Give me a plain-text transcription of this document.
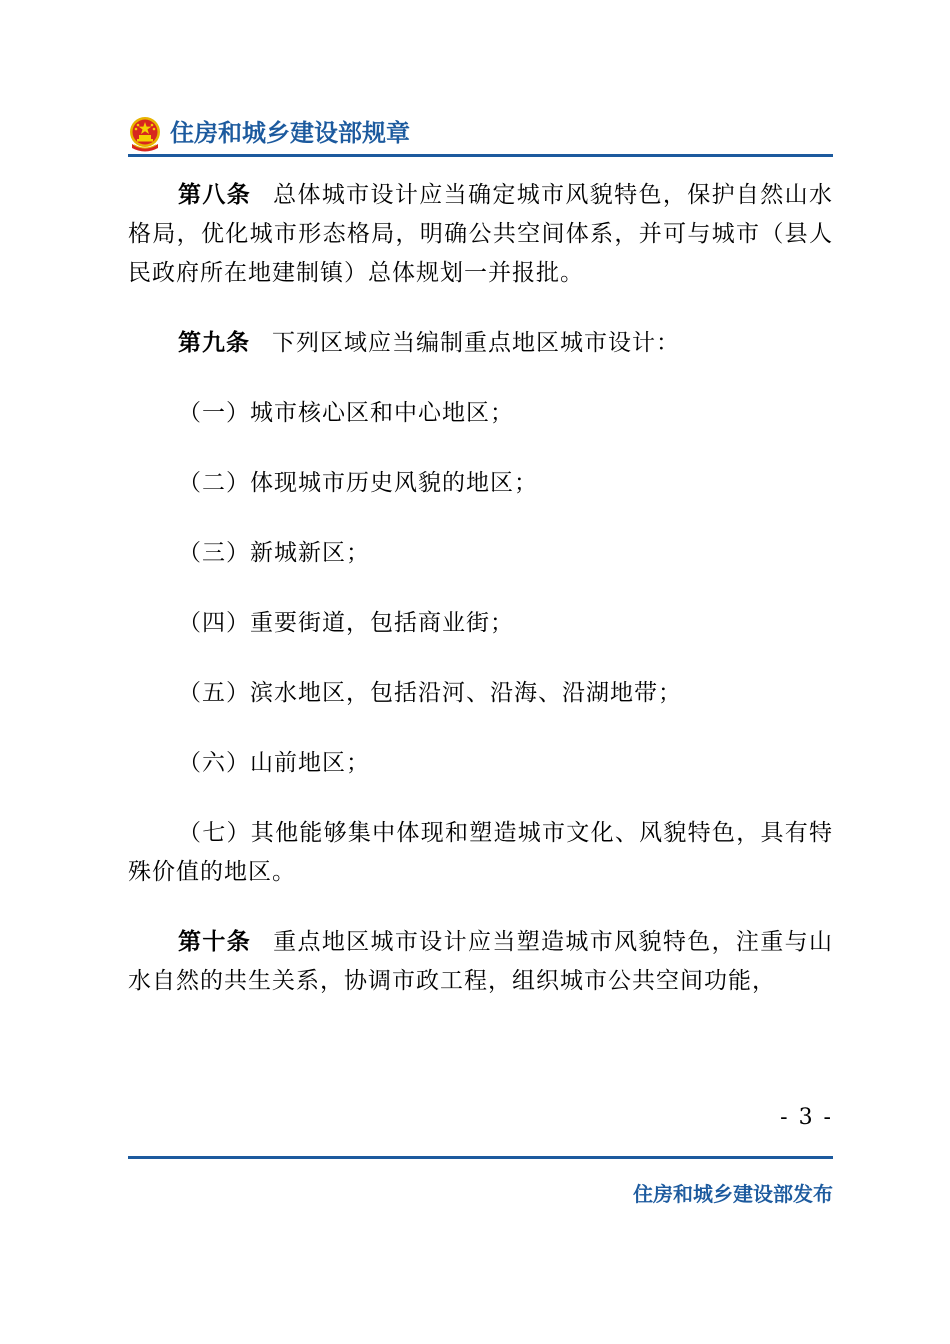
住房和城乡建设部规章

第八条 总体城市设计应当确定城市风貌特色，保护自然山水格局，优化城市形态格局，明确公共空间体系，并可与城市（县人民政府所在地建制镇）总体规划一并报批。

第九条 下列区域应当编制重点地区城市设计：

（一）城市核心区和中心地区；

（二）体现城市历史风貌的地区；

（三）新城新区；

（四）重要街道，包括商业街；

（五）滨水地区，包括沿河、沿海、沿湖地带；

（六）山前地区；

（七）其他能够集中体现和塑造城市文化、风貌特色，具有特殊价值的地区。

第十条 重点地区城市设计应当塑造城市风貌特色，注重与山水自然的共生关系，协调市政工程，组织城市公共空间功能，

- 3 -
住房和城乡建设部发布
